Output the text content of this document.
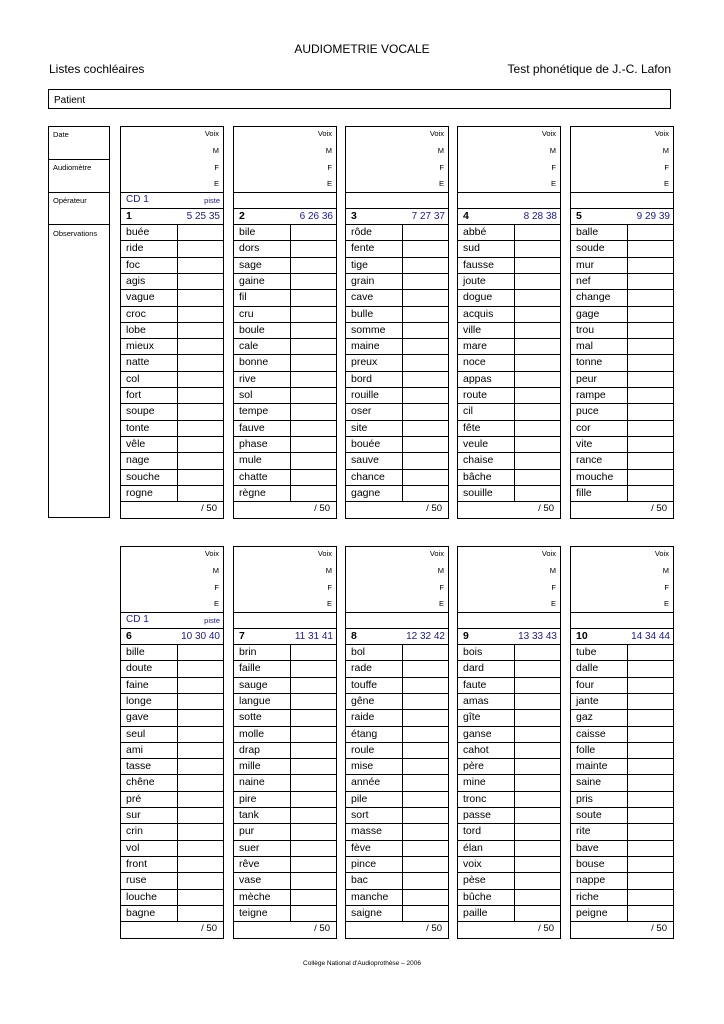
AUDIOMETRIE VOCALE
Listes cochléaires	Test phonétique de J.-C. Lafon
Patient
Date
Audiomètre
Opérateur
Observations
Voix
M
F
E
CD 1	piste
1	5 25 35
buée
ride
foc
agis
vague
croc
lobe
mieux
natte
col
fort
soupe
tonte
vêle
nage
souche
rogne
/ 50
Voix
M
F
E
2	6 26 36
bile
dors
sage
gaine
fil
cru
boule
cale
bonne
rive
sol
tempe
fauve
phase
mule
chatte
règne
/ 50
Voix
M
F
E
3	7 27 37
rôde
fente
tige
grain
cave
bulle
somme
maine
preux
bord
rouille
oser
site
bouée
sauve
chance
gagne
/ 50
Voix
M
F
E
4	8 28 38
abbé
sud
fausse
joute
dogue
acquis
ville
mare
noce
appas
route
cil
fête
veule
chaise
bâche
souille
/ 50
Voix
M
F
E
5	9 29 39
balle
soude
mur
nef
change
gage
trou
mal
tonne
peur
rampe
puce
cor
vite
rance
mouche
fille
/ 50
Voix
M
F
E
CD 1	piste
6	10 30 40
bille
doute
faine
longe
gave
seul
ami
tasse
chêne
pré
sur
crin
vol
front
ruse
louche
bagne
/ 50
Voix
M
F
E
7	11 31 41
brin
faille
sauge
langue
sotte
molle
drap
mille
naine
pire
tank
pur
suer
rêve
vase
mèche
teigne
/ 50
Voix
M
F
E
8	12 32 42
bol
rade
touffe
gêne
raide
étang
roule
mise
année
pile
sort
masse
fève
pince
bac
manche
saigne
/ 50
Voix
M
F
E
9	13 33 43
bois
dard
faute
amas
gîte
ganse
cahot
père
mine
tronc
passe
tord
élan
voix
pèse
bûche
paille
/ 50
Voix
M
F
E
10	14 34 44
tube
dalle
four
jante
gaz
caisse
folle
mainte
saine
pris
soute
rite
bave
bouse
nappe
riche
peigne
/ 50
Collège National d'Audioprothèse – 2006
